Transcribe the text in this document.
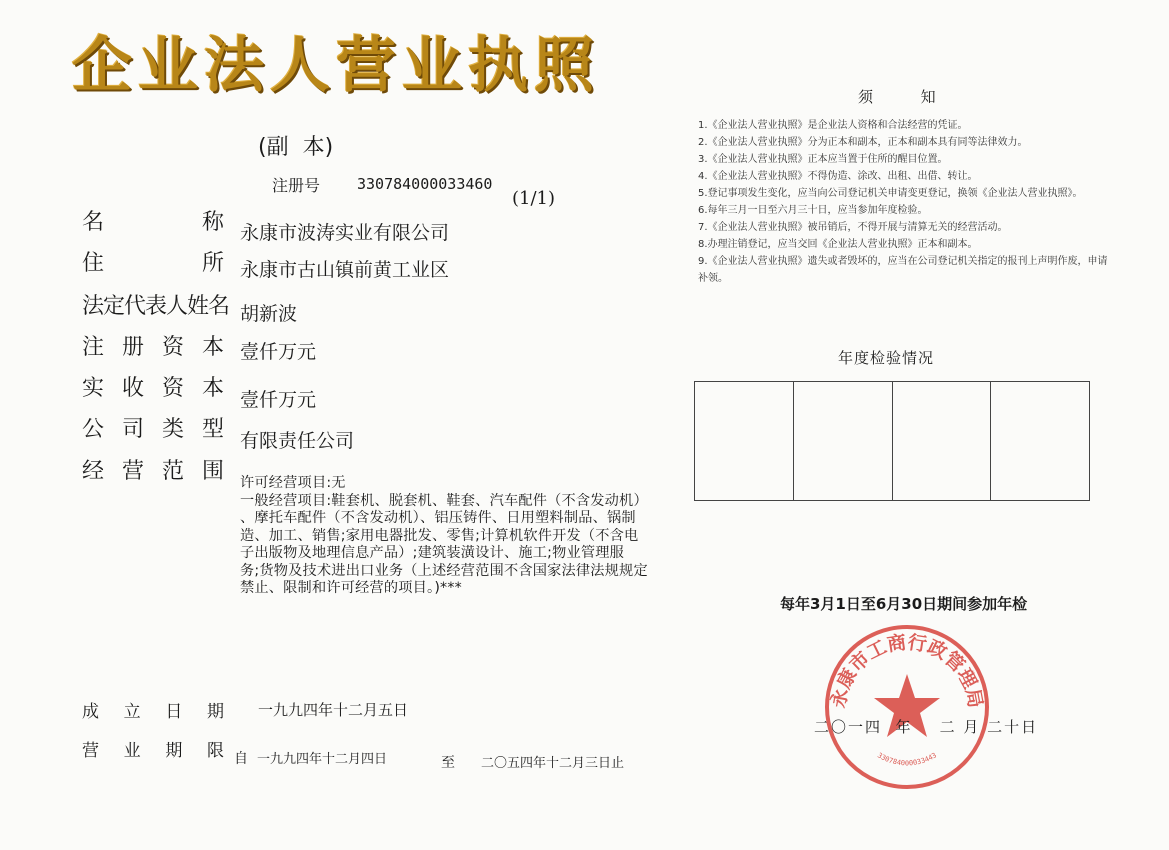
企业法人营业执照
(副  本)
注册号 330784000033460
(1/1)
名	称 永康市波涛实业有限公司
住	所 永康市古山镇前黄工业区
法定代表人姓名 胡新波
注 册 资 本 壹仟万元
实 收 资 本 壹仟万元
公 司 类 型 有限责任公司
经 营 范 围 许可经营项目:无
一般经营项目:鞋套机、脱套机、鞋套、汽车配件（不含发动机）
、摩托车配件（不含发动机）、铝压铸件、日用塑料制品、锅制
造、加工、销售;家用电器批发、零售;计算机软件开发（不含电
子出版物及地理信息产品）;建筑装潢设计、施工;物业管理服
务;货物及技术进出口业务（上述经营范围不含国家法律法规规定
禁止、限制和许可经营的项目。)***
成 立 日 期 一九九四年十二月五日
营 业 期 限 自 一九九四年十二月四日	至 二〇五四年十二月三日止
须          知
1.《企业法人营业执照》是企业法人资格和合法经营的凭证。
2.《企业法人营业执照》分为正本和副本，正本和副本具有同等法律效力。
3.《企业法人营业执照》正本应当置于住所的醒目位置。
4.《企业法人营业执照》不得伪造、涂改、出租、出借、转让。
5.登记事项发生变化，应当向公司登记机关申请变更登记，换领《企业法人营业执照》。
6.每年三月一日至六月三十日，应当参加年度检验。
7.《企业法人营业执照》被吊销后，不得开展与清算无关的经营活动。
8.办理注销登记，应当交回《企业法人营业执照》正本和副本。
9.《企业法人营业执照》遗失或者毁坏的，应当在公司登记机关指定的报刊上声明作废，申请补领。
年度检验情况
每年3月1日至6月30日期间参加年检
永康市工商行政管理局
330784000033443
二〇一四  年    二 月 二十日
